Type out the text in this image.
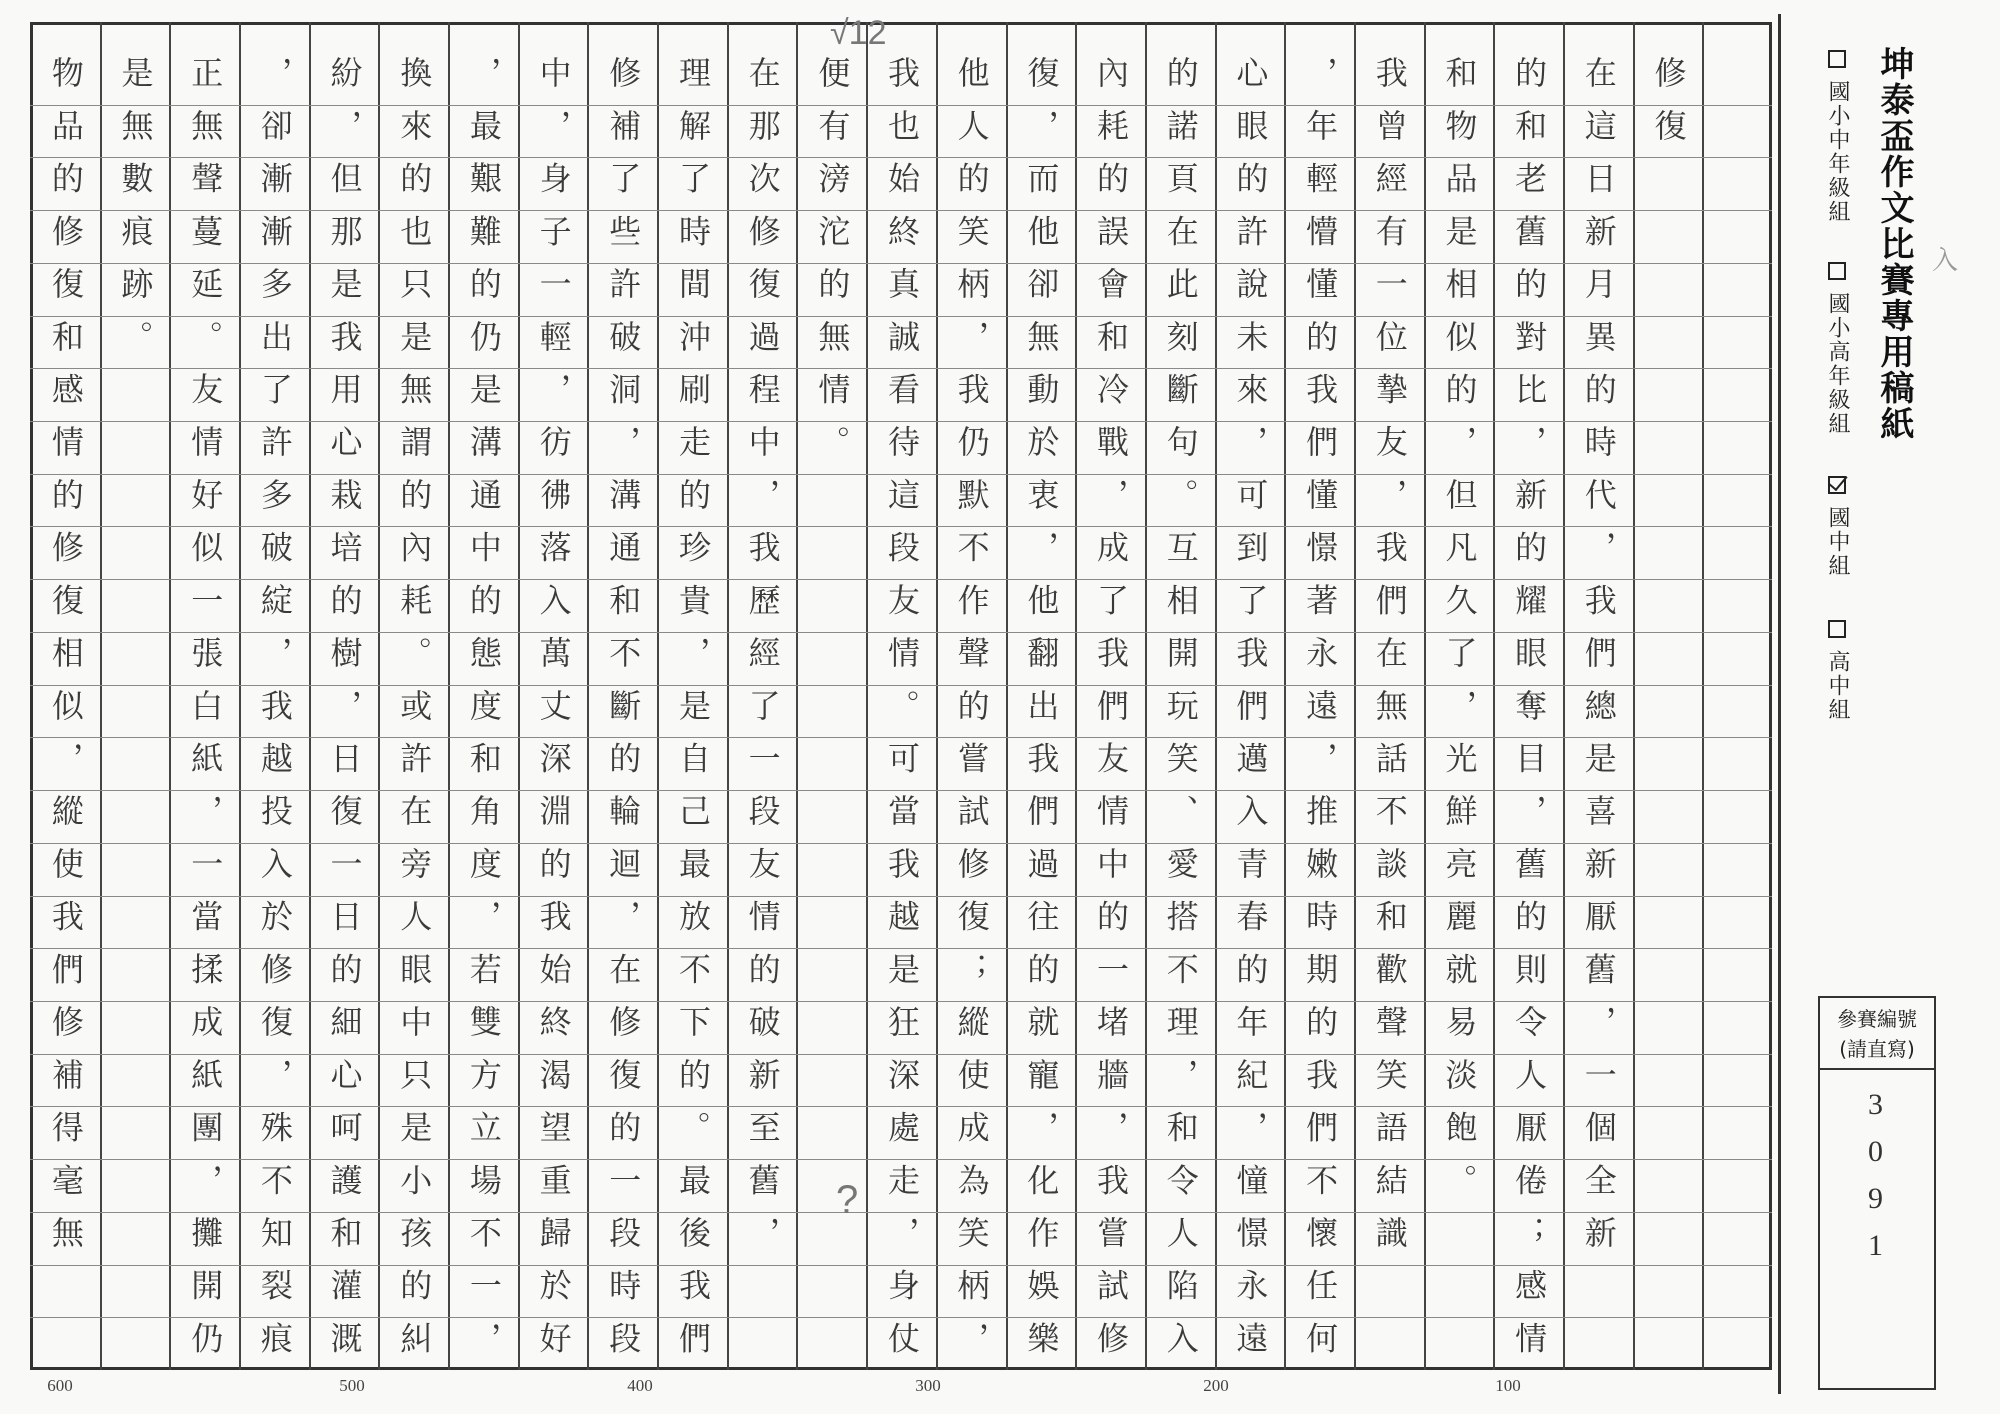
修復
在這日新月異的時代，我們總是喜新厭舊，一個全新
的和老舊的對比，新的耀眼奪目，舊的則令人厭倦；感情
和物品是相似的，但凡久了，光鮮亮麗就易淡飽。
我曾經有一位摯友，我們在無話不談和歡聲笑語結識
，年輕懵懂的我們懂憬著永遠，推嫩時期的我們不懷任何
心眼的許說未來，可到了我們邁入青春的年紀，憧憬永遠
的諾頁在此刻斷句。互相開玩笑、愛搭不理，和令人陷入
內耗的誤會和冷戰，成了我們友情中的一堵牆，我嘗試修
復，而他卻無動於衷，他翻出我們過往的就寵，化作娛樂
他人的笑柄，我仍默不作聲的嘗試修復；縱使成為笑柄，
我也始終真誠看待這段友情。可當我越是狂深處走，身仗
便有滂沱的無情。
在那次修復過程中，我歷經了一段友情的破新至舊，
理解了時間沖刷走的珍貴，是自己最放不下的。最後我們
修補了些許破洞，溝通和不斷的輪迴，在修復的一段時段
中，身子一輕，彷彿落入萬丈深淵的我始終渴望重歸於好
，最艱難的仍是溝通中的態度和角度，若雙方立場不一，
換來的也只是無謂的內耗。或許在旁人眼中只是小孩的糾
紛，但那是我用心栽培的樹，日復一日的細心呵護和灌溉
，卻漸漸多出了許多破綻，我越投入於修復，殊不知裂痕
正無聲蔓延。友情好似一張白紙，一當揉成紙團，攤開仍
是無數痕跡。
物品的修復和感情的修復相似，縱使我們修補得毫無
600	500	400	300	200	100
坤泰盃作文比賽專用稿紙
國小中年級組
國小高年級組
國中組
高中組
參賽編號
(請直寫)
3091
√12
?
入
